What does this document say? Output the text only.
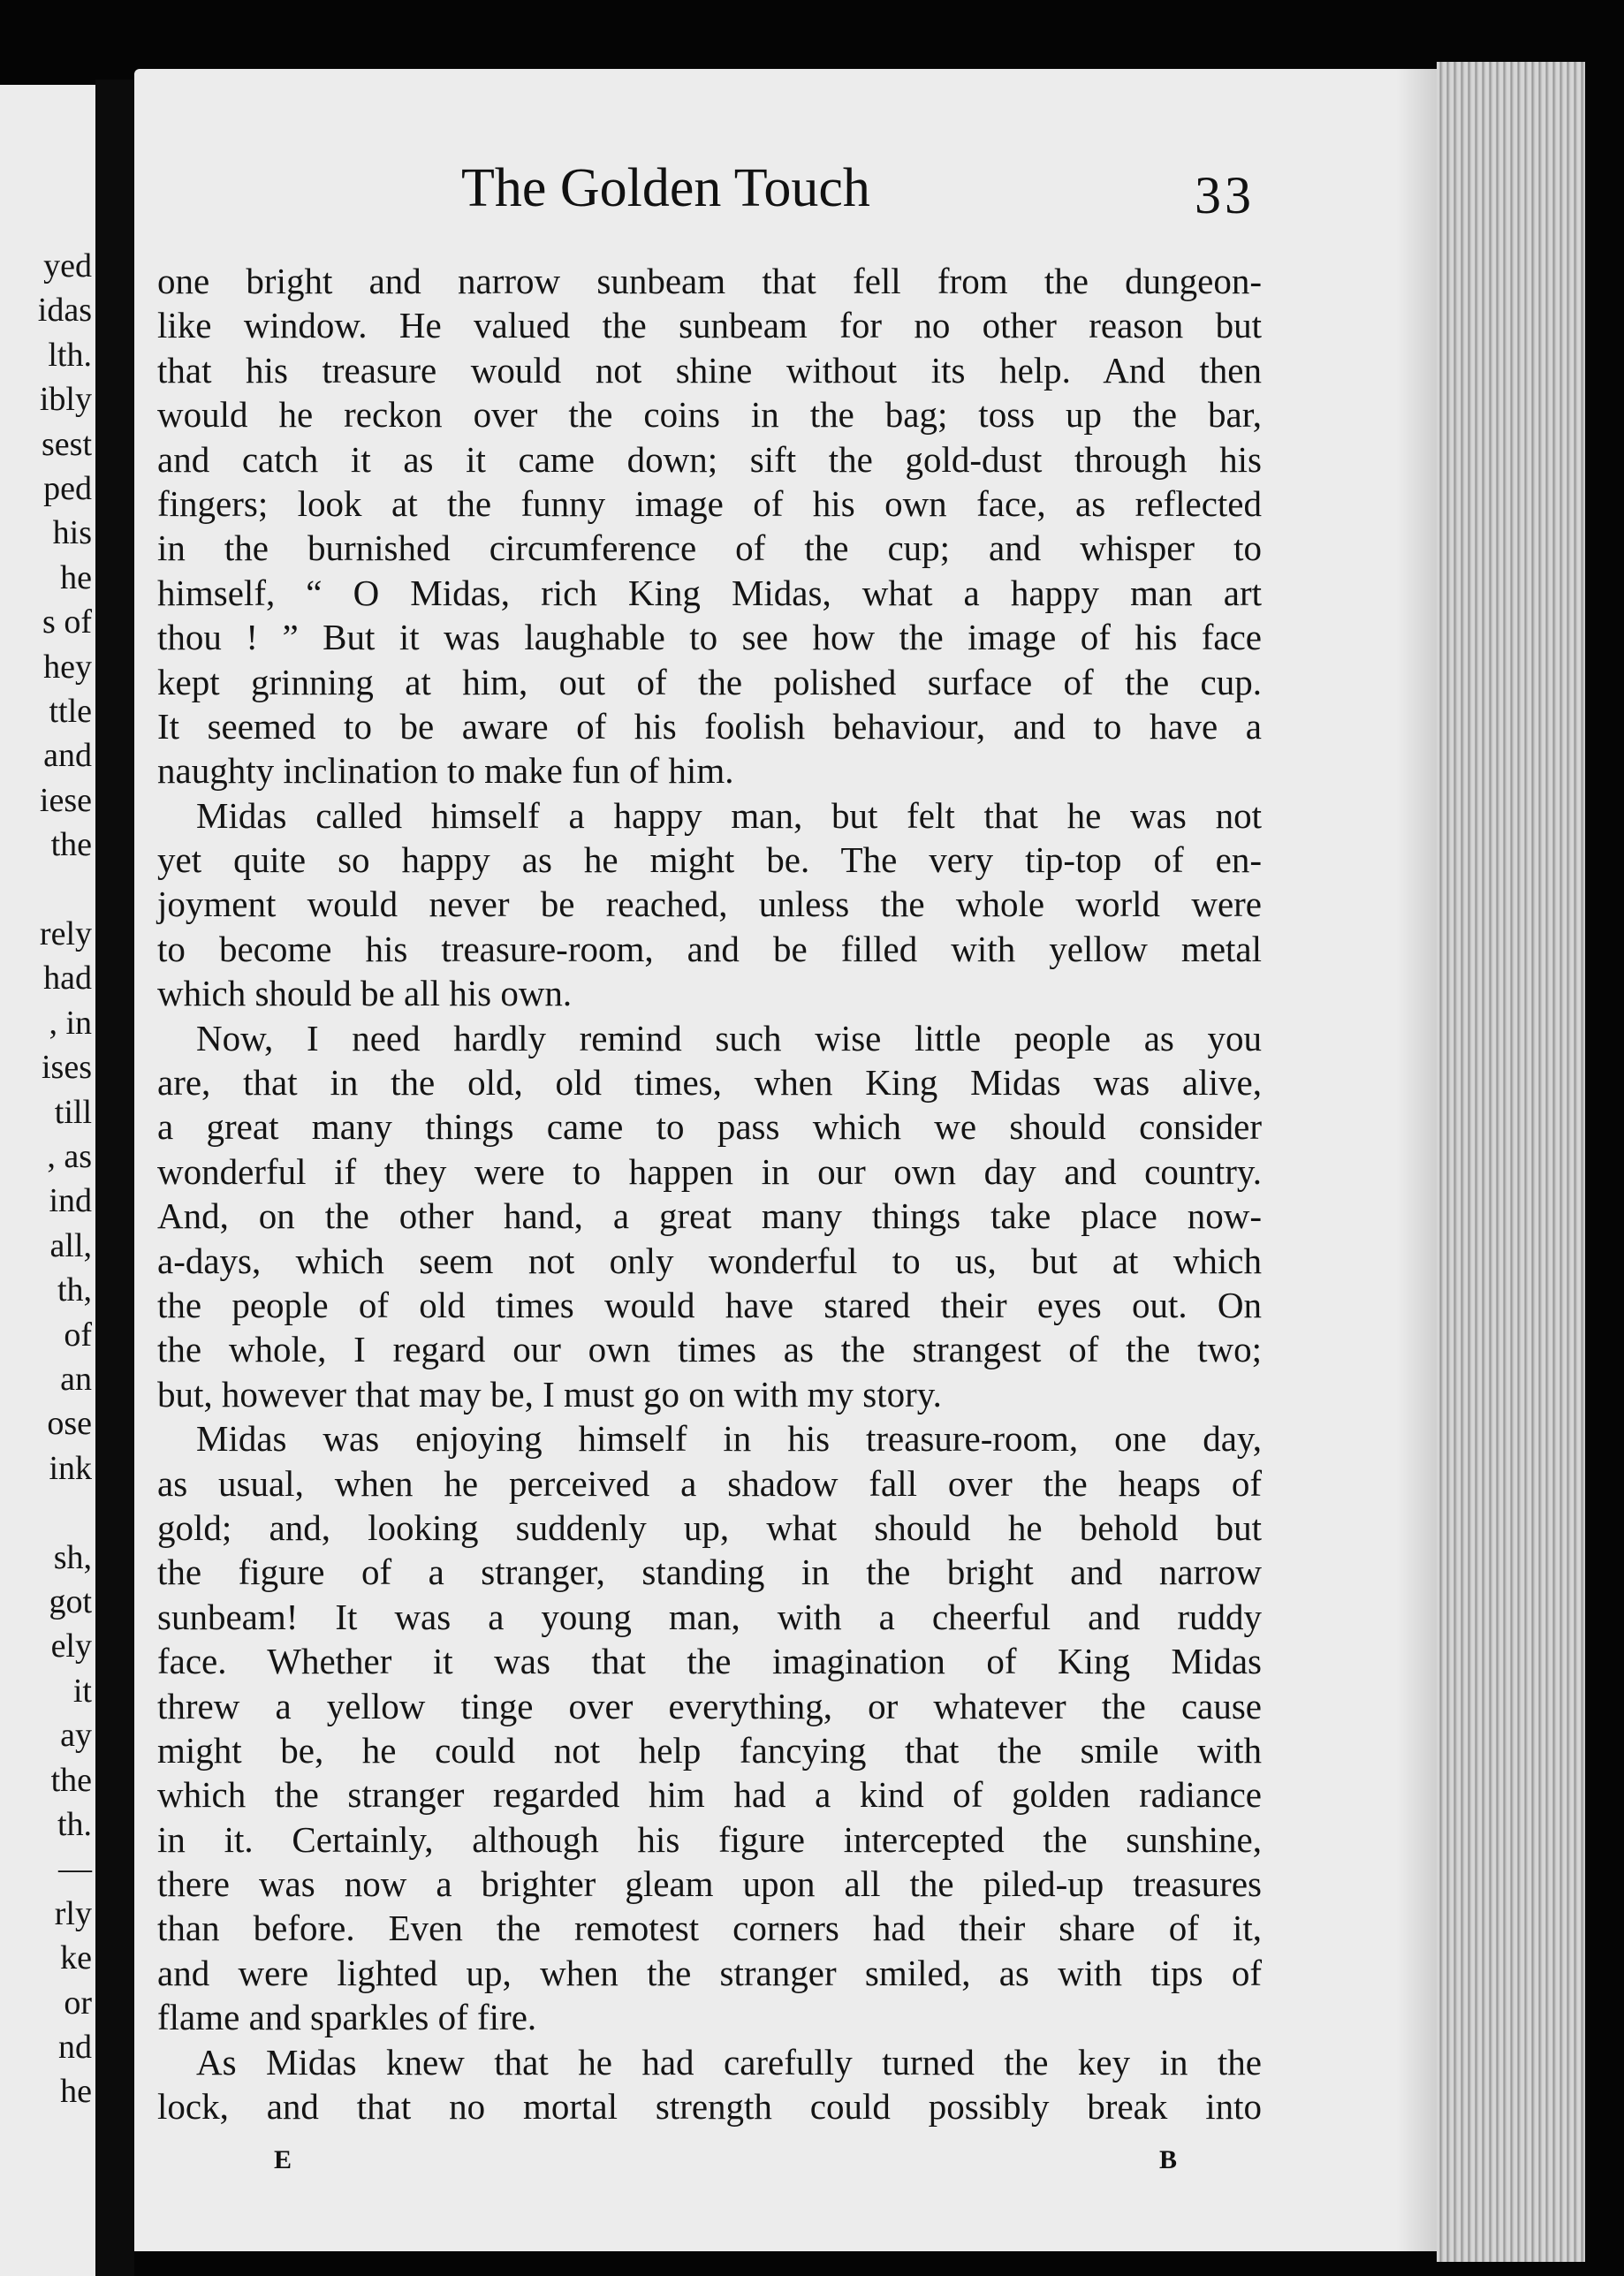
yed
idas
lth.
ibly
sest
ped
his
he
s of
hey
ttle
and
iese
the
rely
had
, in
ises
till
, as
ind
all,
th,
of
an
ose
ink
sh,
got
ely
it
ay
the
th.
—
rly
ke
or
nd
he
The Golden Touch	33
one bright and narrow sunbeam that fell from the dungeon-
like window. He valued the sunbeam for no other reason but
that his treasure would not shine without its help. And then
would he reckon over the coins in the bag; toss up the bar,
and catch it as it came down; sift the gold-dust through his
fingers; look at the funny image of his own face, as reflected
in the burnished circumference of the cup; and whisper to
himself, “ O Midas, rich King Midas, what a happy man art
thou ! ” But it was laughable to see how the image of his face
kept grinning at him, out of the polished surface of the cup.
It seemed to be aware of his foolish behaviour, and to have a
naughty inclination to make fun of him.
Midas called himself a happy man, but felt that he was not
yet quite so happy as he might be. The very tip-top of en-
joyment would never be reached, unless the whole world were
to become his treasure-room, and be filled with yellow metal
which should be all his own.
Now, I need hardly remind such wise little people as you
are, that in the old, old times, when King Midas was alive,
a great many things came to pass which we should consider
wonderful if they were to happen in our own day and country.
And, on the other hand, a great many things take place now-
a-days, which seem not only wonderful to us, but at which
the people of old times would have stared their eyes out. On
the whole, I regard our own times as the strangest of the two;
but, however that may be, I must go on with my story.
Midas was enjoying himself in his treasure-room, one day,
as usual, when he perceived a shadow fall over the heaps of
gold; and, looking suddenly up, what should he behold but
the figure of a stranger, standing in the bright and narrow
sunbeam! It was a young man, with a cheerful and ruddy
face. Whether it was that the imagination of King Midas
threw a yellow tinge over everything, or whatever the cause
might be, he could not help fancying that the smile with
which the stranger regarded him had a kind of golden radiance
in it. Certainly, although his figure intercepted the sunshine,
there was now a brighter gleam upon all the piled-up treasures
than before. Even the remotest corners had their share of it,
and were lighted up, when the stranger smiled, as with tips of
flame and sparkles of fire.
As Midas knew that he had carefully turned the key in the
lock, and that no mortal strength could possibly break into
E	B
